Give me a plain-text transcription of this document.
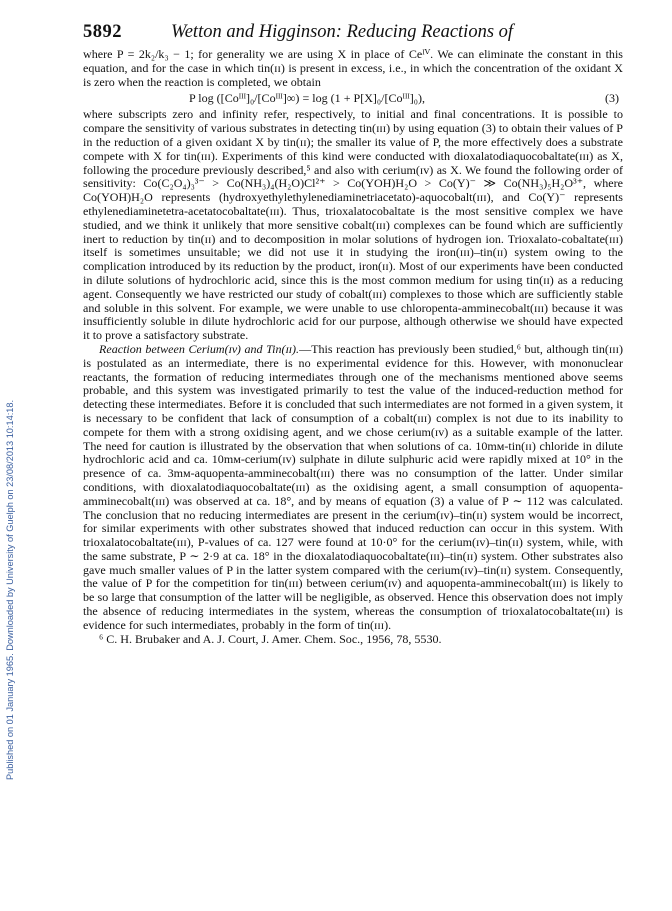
Published on 01 January 1965. Downloaded by University of Guelph on 23/08/2013 10:14:18.
5892	Wetton and Higginson: Reducing Reactions of

where P = 2k₂/k₃ − 1; for generality we are using X in place of Ceᴵⱽ. We can eliminate the constant in this equation, and for the case in which tin(ɪɪ) is present in excess, i.e., in which the concentration of the oxidant X is zero when the reaction is completed, we obtain

P log ([Coᴵᴵᴵ]₀/[Coᴵᴵᴵ]∞) = log (1 + P[X]₀/[Coᴵᴵᴵ]₀),	(3)

where subscripts zero and infinity refer, respectively, to initial and final concentrations. It is possible to compare the sensitivity of various substrates in detecting tin(ɪɪɪ) by using equation (3) to obtain their values of P in the reduction of a given oxidant X by tin(ɪɪ); the smaller its value of P, the more effectively does a substrate compete with X for tin(ɪɪɪ). Experiments of this kind were conducted with dioxalatodiaquocobaltate(ɪɪɪ) as X, following the procedure previously described,⁵ and also with cerium(ɪᴠ) as X. We found the following order of sensitivity: Co(C₂O₄)₃³⁻ > Co(NH₃)₄(H₂O)Cl²⁺ > Co(YOH)H₂O > Co(Y)⁻ ≫ Co(NH₃)₅H₂O³⁺, where Co(YOH)H₂O represents (hydroxyethylethylenediaminetriacetato)-aquocobalt(ɪɪɪ), and Co(Y)⁻ represents ethylenediaminetetra-acetatocobaltate(ɪɪɪ). Thus, trioxalatocobaltate is the most sensitive complex we have studied, and we think it unlikely that more sensitive cobalt(ɪɪɪ) complexes can be found which are sufficiently inert to reduction by tin(ɪɪ) and to decomposition in molar solutions of hydrogen ion. Trioxalato-cobaltate(ɪɪɪ) itself is sometimes unsuitable; we did not use it in studying the iron(ɪɪɪ)–tin(ɪɪ) system owing to the complication introduced by its reduction by the product, iron(ɪɪ). Most of our experiments have been conducted in dilute solutions of hydrochloric acid, since this is the most common medium for using tin(ɪɪ) as a reducing agent. Consequently we have restricted our study of cobalt(ɪɪɪ) complexes to those which are sufficiently stable and soluble in this solvent. For example, we were unable to use chloropenta-amminecobalt(ɪɪɪ) because it was insufficiently soluble in dilute hydrochloric acid for our purpose, although otherwise we should have expected it to prove a satisfactory substrate.

Reaction between Cerium(ɪᴠ) and Tin(ɪɪ).—This reaction has previously been studied,⁶ but, although tin(ɪɪɪ) is postulated as an intermediate, there is no experimental evidence for this. However, with mononuclear reactants, the formation of reducing intermediates through one of the mechanisms mentioned above seems probable, and this system was investigated primarily to test the value of the induced-reduction method for detecting these intermediates. Before it is concluded that such intermediates are not formed in a given system, it is necessary to be confident that lack of consumption of a cobalt(ɪɪɪ) complex is not due to its inability to compete for them with a strong oxidising agent, and we chose cerium(ɪᴠ) as a suitable example of the latter. The need for caution is illustrated by the observation that when solutions of ca. 10mᴍ-tin(ɪɪ) chloride in dilute hydrochloric acid and ca. 10mᴍ-cerium(ɪᴠ) sulphate in dilute sulphuric acid were rapidly mixed at 10° in the presence of ca. 3mᴍ-aquopenta-amminecobalt(ɪɪɪ) there was no consumption of the latter. Under similar conditions, with dioxalatodiaquocobaltate(ɪɪɪ) as the oxidising agent, a small consumption of aquopenta-amminecobalt(ɪɪɪ) was observed at ca. 18°, and by means of equation (3) a value of P ∼ 112 was calculated. The conclusion that no reducing intermediates are present in the cerium(ɪᴠ)–tin(ɪɪ) system would be incorrect, for similar experiments with other substrates showed that induced reduction can occur in this system. With trioxalatocobaltate(ɪɪɪ), P-values of ca. 127 were found at 10·0° for the cerium(ɪᴠ)–tin(ɪɪ) system, while, with the same substrate, P ∼ 2·9 at ca. 18° in the dioxalatodiaquocobaltate(ɪɪɪ)–tin(ɪɪ) system. Other substrates also gave much smaller values of P in the latter system compared with the cerium(ɪᴠ)–tin(ɪɪ) system. Consequently, the value of P for the competition for tin(ɪɪɪ) between cerium(ɪᴠ) and aquopenta-amminecobalt(ɪɪɪ) is likely to be so large that consumption of the latter will be negligible, as observed. Hence this observation does not imply the absence of reducing intermediates in the system, whereas the consumption of trioxalatocobaltate(ɪɪɪ) is evidence for such intermediates, probably in the form of tin(ɪɪɪ).

⁶ C. H. Brubaker and A. J. Court, J. Amer. Chem. Soc., 1956, 78, 5530.
